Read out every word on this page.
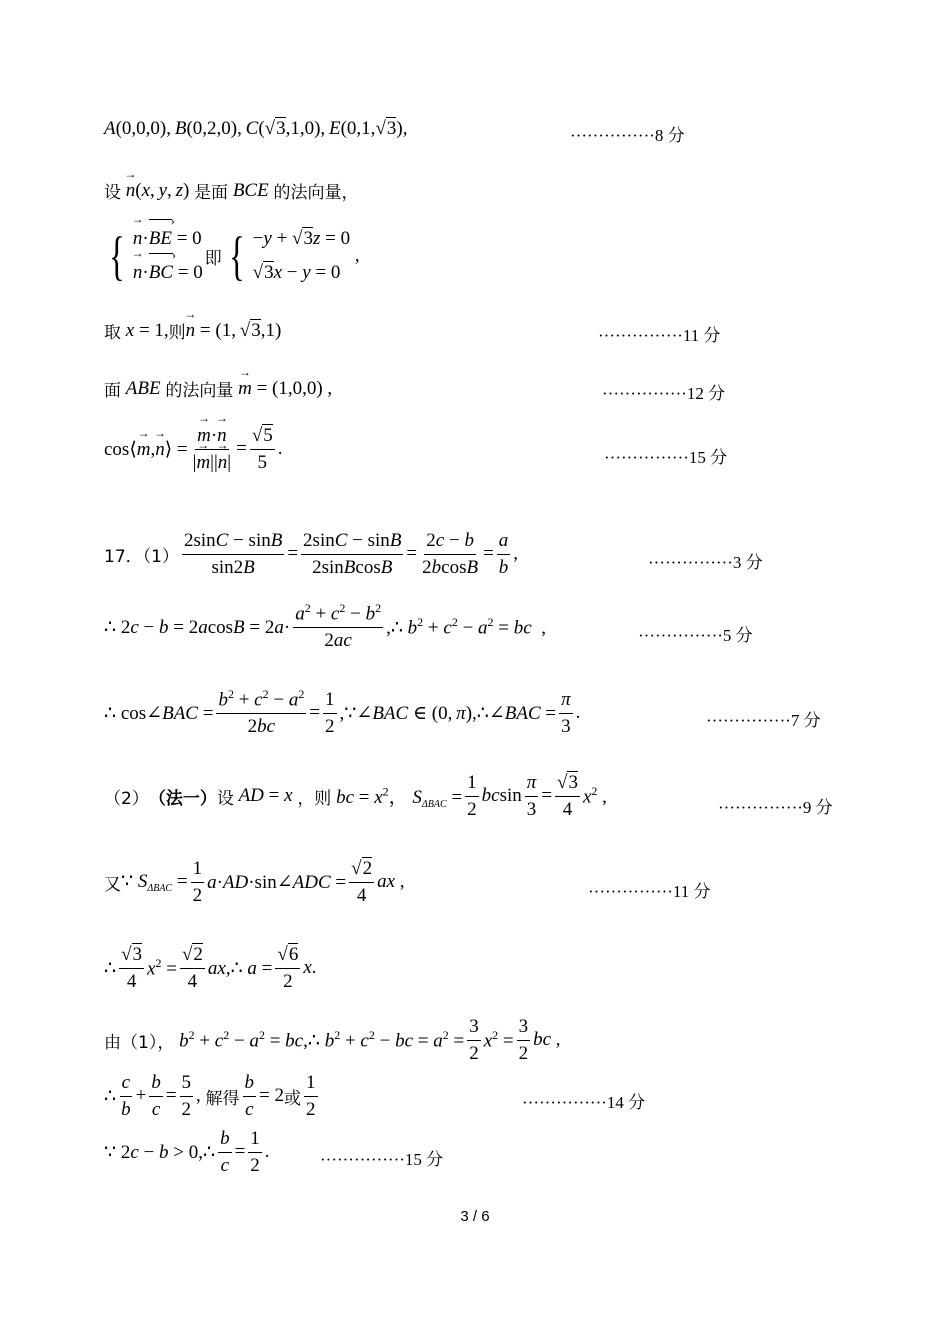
A(0,0,0), B(0,2,0), C(√3,1,0), E(0,1,√3),	···············8 分
设 → n(x, y, z) 是面 BCE 的法向量，
{ → n·BE › = 0
→ n·BC › = 0
即 { −y + √3z = 0
√3x − y = 0
,
取 x = 1, 则 → n = (1, √3,1)	···············11 分
面 ABE 的法向量 → m = (1,0,0) ,	···············12 分
cos⟨→ m,→ n⟩ = → $\frac{m\cdot\to n}{|\to m||\to n|} = \frac{√5}{5}$ .	···············15 分
17．$(1) \frac{2\sin C - \sin B}{\sin 2B} = \frac{2\sin C - \sin B}{\text{2sinBcosB}} = \frac{2c - b}{2bcosB} = \frac{a}{b}$ ,	···············3 分
∴ $2c - b = 2acosB = 2a\cdot \frac{a^2 + c^2 - b^2}{2ac}$ ,∴ $b^2 + c^2 - a^2$ = bc  ,	···············5 分
∴ cos∠BAC = $\frac{b^2 + c^2 - a^2}{2bc} = \frac{1}{2}$ ,∵∠BAC ∈ (0, π),∴∠BAC = $\frac{\pi}{3}$ .	···············7 分
（2） （法一） 设 AD = x ，则 bc = $x^2$， $S_{\Delta BAC} = \frac{1}{2}$ bcsin $\frac{\pi}{3} = \frac{√3}{4} x^2$ ,	···············9 分
又 ∵ $S_{\Delta BAC} = \frac{1}{2}$ a·AD·sin∠ADC = $\frac{√2}{4}$ ax ,	···············11 分
∴ $\frac{√3}{4} x^2 = \frac{√2}{4}$ ax,∴ $a = \frac{√6}{2} x$.
由（1）， $b^2 + c^2 - a^2$ = bc,∴ $b^2 + c^2$ − bc = $a^2 = \frac{3}{2} x^2 = \frac{3}{2}$ bc ,
∴ $\frac{c}{b} + \frac{b}{c} = \frac{5}{2}$ , 解得 $\frac{b}{c} = 2$ 或 $\frac{1}{2}$	···············14 分
∵ 2c − b > 0,∴ $\frac{b}{c} = \frac{1}{2}$ .	···············15 分
3 / 6
